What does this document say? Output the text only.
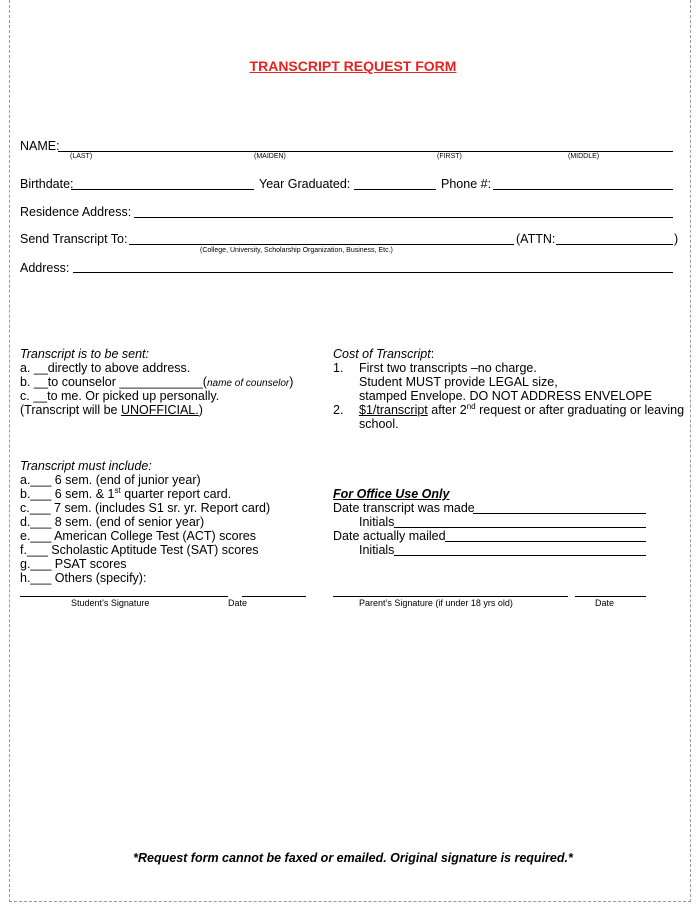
TRANSCRIPT REQUEST FORM
NAME:
(LAST)	(MAIDEN)	(FIRST)	(MIDDLE)
Birthdate:	Year Graduated:	Phone #:
Residence Address:
Send Transcript To:
(College, University, Scholarship Organization, Business, Etc.)
(ATTN:	)
Address:
Transcript is to be sent:
a. __directly to above address.
b. __to counselor ____________(name of counselor)
c. __to me. Or picked up personally.
(Transcript will be UNOFFICIAL.)
Cost of Transcript:
1. First two transcripts –no charge.
Student MUST provide LEGAL size,
stamped Envelope. DO NOT ADDRESS ENVELOPE
2. $1/transcript after 2nd request or after graduating or leaving
school.
Transcript must include:
a.___ 6 sem. (end of junior year)
b.___ 6 sem. & 1st quarter report card.
c.___ 7 sem. (includes S1 sr. yr. Report card)
d.___ 8 sem. (end of senior year)
e.___ American College Test (ACT) scores
f.___ Scholastic Aptitude Test (SAT) scores
g.___ PSAT scores
h.___ Others (specify):
For Office Use Only
Date transcript was made
Initials
Date actually mailed
Initials
Student’s Signature	Date	Parent’s Signature (if under 18 yrs old)	Date
*Request form cannot be faxed or emailed. Original signature is required.*
